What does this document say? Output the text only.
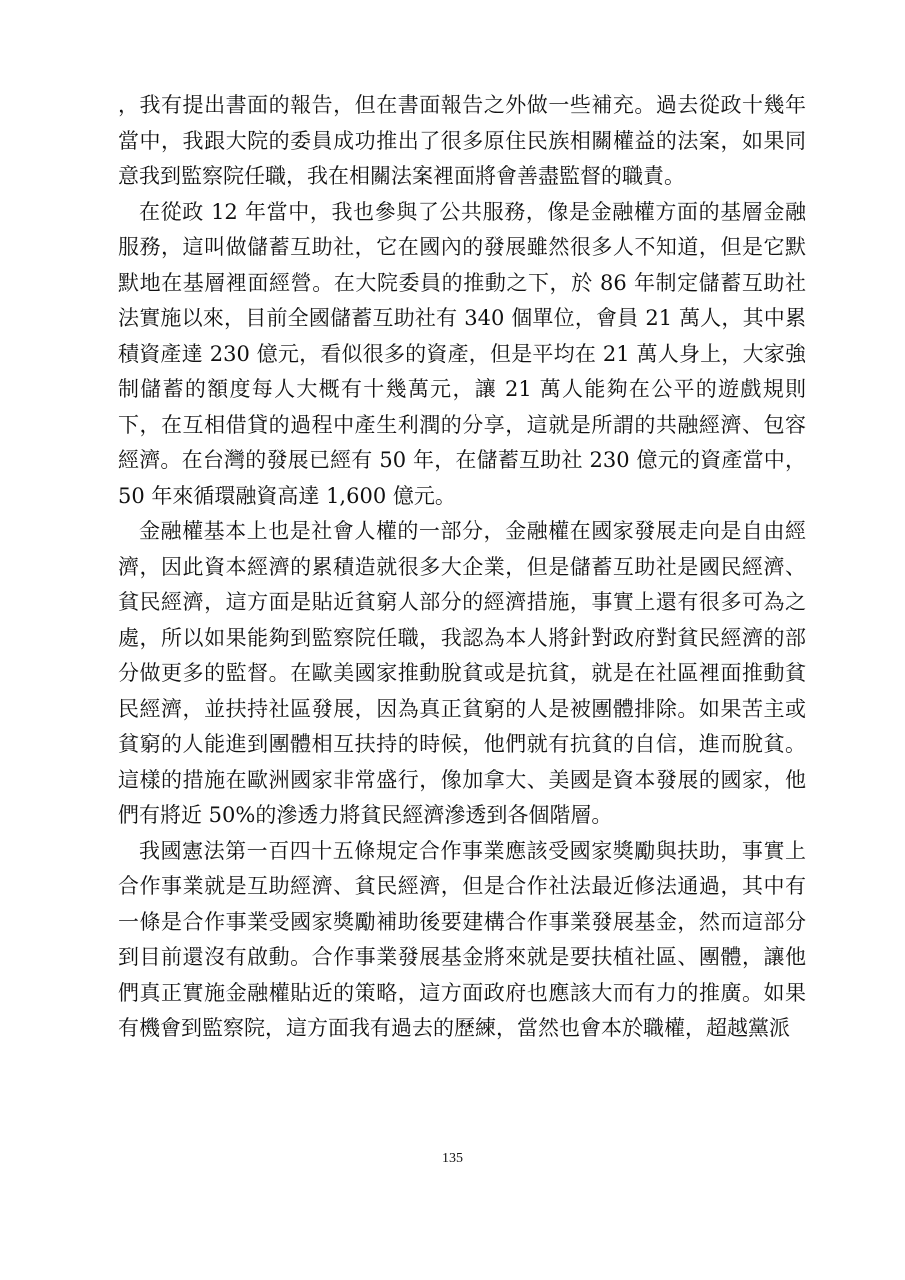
，我有提出書面的報告，但在書面報告之外做一些補充。過去從政十幾年當中，我跟大院的委員成功推出了很多原住民族相關權益的法案，如果同意我到監察院任職，我在相關法案裡面將會善盡監督的職責。

在從政 12 年當中，我也參與了公共服務，像是金融權方面的基層金融服務，這叫做儲蓄互助社，它在國內的發展雖然很多人不知道，但是它默默地在基層裡面經營。在大院委員的推動之下，於 86 年制定儲蓄互助社法實施以來，目前全國儲蓄互助社有 340 個單位，會員 21 萬人，其中累積資產達 230 億元，看似很多的資產，但是平均在 21 萬人身上，大家強制儲蓄的額度每人大概有十幾萬元，讓 21 萬人能夠在公平的遊戲規則下，在互相借貸的過程中產生利潤的分享，這就是所謂的共融經濟、包容經濟。在台灣的發展已經有 50 年，在儲蓄互助社 230 億元的資產當中，50 年來循環融資高達 1,600 億元。

金融權基本上也是社會人權的一部分，金融權在國家發展走向是自由經濟，因此資本經濟的累積造就很多大企業，但是儲蓄互助社是國民經濟、貧民經濟，這方面是貼近貧窮人部分的經濟措施，事實上還有很多可為之處，所以如果能夠到監察院任職，我認為本人將針對政府對貧民經濟的部分做更多的監督。在歐美國家推動脫貧或是抗貧，就是在社區裡面推動貧民經濟，並扶持社區發展，因為真正貧窮的人是被團體排除。如果苦主或貧窮的人能進到團體相互扶持的時候，他們就有抗貧的自信，進而脫貧。這樣的措施在歐洲國家非常盛行，像加拿大、美國是資本發展的國家，他們有將近 50%的滲透力將貧民經濟滲透到各個階層。

我國憲法第一百四十五條規定合作事業應該受國家獎勵與扶助，事實上合作事業就是互助經濟、貧民經濟，但是合作社法最近修法通過，其中有一條是合作事業受國家獎勵補助後要建構合作事業發展基金，然而這部分到目前還沒有啟動。合作事業發展基金將來就是要扶植社區、團體，讓他們真正實施金融權貼近的策略，這方面政府也應該大而有力的推廣。如果有機會到監察院，這方面我有過去的歷練，當然也會本於職權，超越黨派

135
